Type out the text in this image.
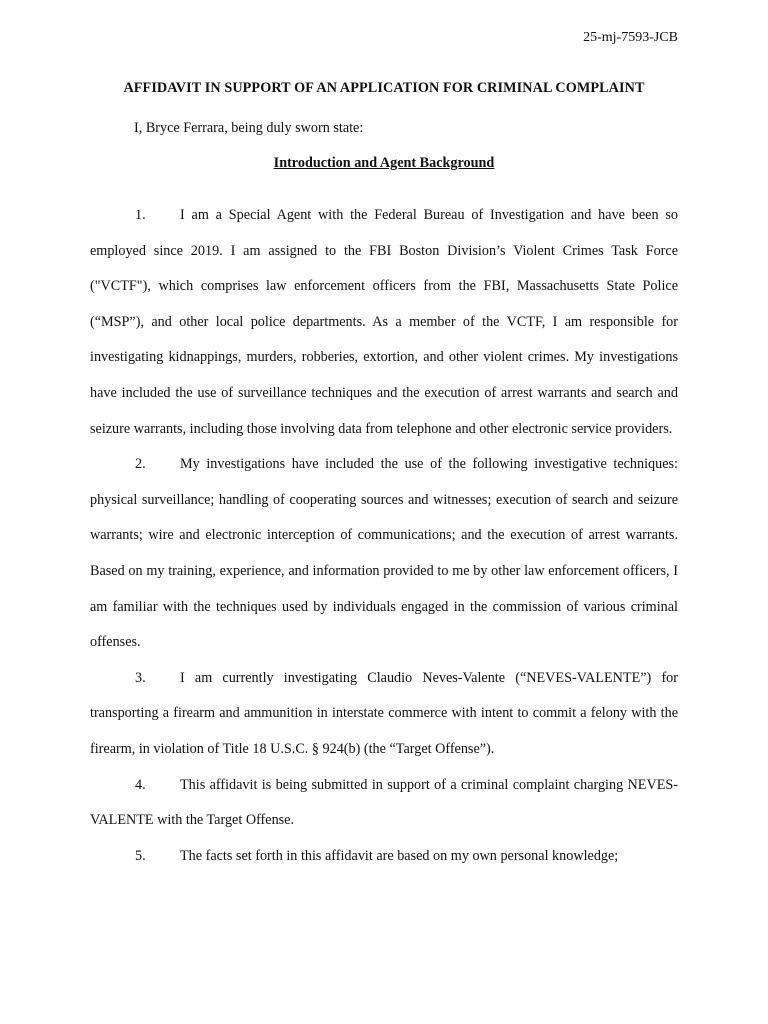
25-mj-7593-JCB
AFFIDAVIT IN SUPPORT OF AN APPLICATION FOR CRIMINAL COMPLAINT
I, Bryce Ferrara, being duly sworn state:
Introduction and Agent Background

1. I am a Special Agent with the Federal Bureau of Investigation and have been so employed since 2019. I am assigned to the FBI Boston Division’s Violent Crimes Task Force ("VCTF"), which comprises law enforcement officers from the FBI, Massachusetts State Police (“MSP”), and other local police departments. As a member of the VCTF, I am responsible for investigating kidnappings, murders, robberies, extortion, and other violent crimes. My investigations have included the use of surveillance techniques and the execution of arrest warrants and search and seizure warrants, including those involving data from telephone and other electronic service providers.

2. My investigations have included the use of the following investigative techniques: physical surveillance; handling of cooperating sources and witnesses; execution of search and seizure warrants; wire and electronic interception of communications; and the execution of arrest warrants. Based on my training, experience, and information provided to me by other law enforcement officers, I am familiar with the techniques used by individuals engaged in the commission of various criminal offenses.

3. I am currently investigating Claudio Neves-Valente (“NEVES-VALENTE”) for transporting a firearm and ammunition in interstate commerce with intent to commit a felony with the firearm, in violation of Title 18 U.S.C. § 924(b) (the “Target Offense”).

4. This affidavit is being submitted in support of a criminal complaint charging NEVES-VALENTE with the Target Offense.

5. The facts set forth in this affidavit are based on my own personal knowledge;
